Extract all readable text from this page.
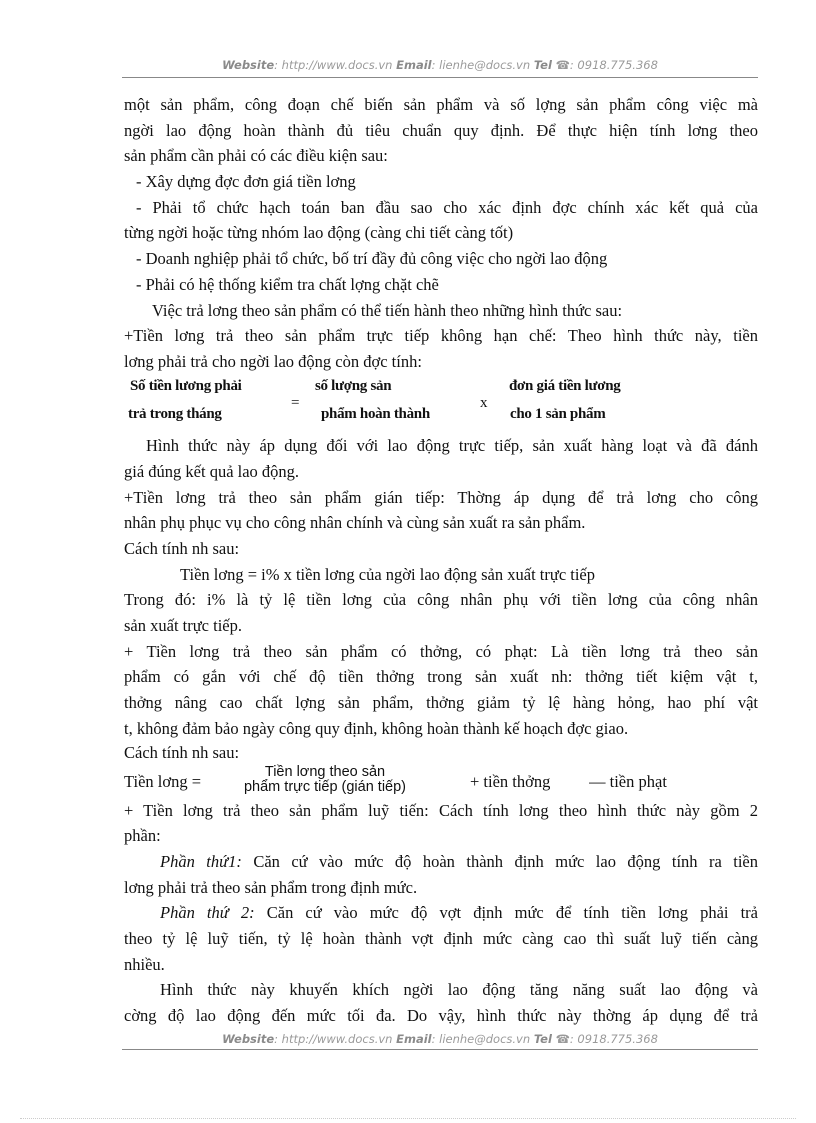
Website: http://www.docs.vn Email: lienhe@docs.vn Tel ☎: 0918.775.368
một sản phẩm, công đoạn chế biến sản phẩm và số lợng sản phẩm công việc mà
ngời lao động hoàn thành đủ tiêu chuẩn quy định. Để thực hiện tính lơng theo
sản phẩm cần phải có các điều kiện sau:
- Xây dựng đợc đơn giá tiền lơng
- Phải tổ chức hạch toán ban đầu sao cho xác định đợc chính xác kết quả của
từng ngời hoặc từng nhóm lao động (càng chi tiết càng tốt)
- Doanh nghiệp phải tổ chức, bố trí đầy đủ công việc cho ngời lao động
- Phải có hệ thống kiểm tra chất lợng chặt chẽ
Việc trả lơng theo sản phẩm có thể tiến hành theo những hình thức sau:
+Tiền lơng trả theo sản phẩm trực tiếp không hạn chế: Theo hình thức này, tiền
lơng phải trả cho ngời lao động còn đợc tính:
Số tiền lương phải
trả trong tháng
=
số lượng sản
phẩm hoàn thành
x
đơn giá tiền lương
cho 1 sản phẩm
Hình thức này áp dụng đối với lao động trực tiếp, sản xuất hàng loạt và đã đánh
giá đúng kết quả lao động.
+Tiền lơng trả theo sản phẩm gián tiếp: Thờng áp dụng để trả lơng cho công
nhân phụ phục vụ cho công nhân chính và cùng sản xuất ra sản phẩm.
Cách tính nh sau:
Tiền lơng = i% x tiền lơng của ngời lao động sản xuất trực tiếp
Trong đó: i% là tỷ lệ tiền lơng của công nhân phụ với tiền lơng của công nhân
sản xuất trực tiếp.
+ Tiền lơng trả theo sản phẩm có thởng, có phạt: Là tiền lơng trả theo sản
phẩm có gắn với chế độ tiền thởng trong sản xuất nh: thởng tiết kiệm vật t,
thởng nâng cao chất lợng sản phẩm, thởng giảm tỷ lệ hàng hỏng, hao phí vật
t, không đảm bảo ngày công quy định, không hoàn thành kế hoạch đợc giao.
Cách tính nh sau:
Tiền lơng =	Tiền lơng theo sản
phẩm trực tiếp (gián tiếp)	+ tiền thởng — tiền phạt
+ Tiền lơng trả theo sản phẩm luỹ tiến: Cách tính lơng theo hình thức này gồm 2
phần:
Phần thứ1: Căn cứ vào mức độ hoàn thành định mức lao động tính ra tiền
lơng phải trả theo sản phẩm trong định mức.
Phần thứ 2: Căn cứ vào mức độ vợt định mức để tính tiền lơng phải trả
theo tỷ lệ luỹ tiến, tỷ lệ hoàn thành vợt định mức càng cao thì suất luỹ tiến càng
nhiều.
Hình thức này khuyến khích ngời lao động tăng năng suất lao động và
cờng độ lao động đến mức tối đa. Do vậy, hình thức này thờng áp dụng để trả
Website: http://www.docs.vn Email: lienhe@docs.vn Tel ☎: 0918.775.368
